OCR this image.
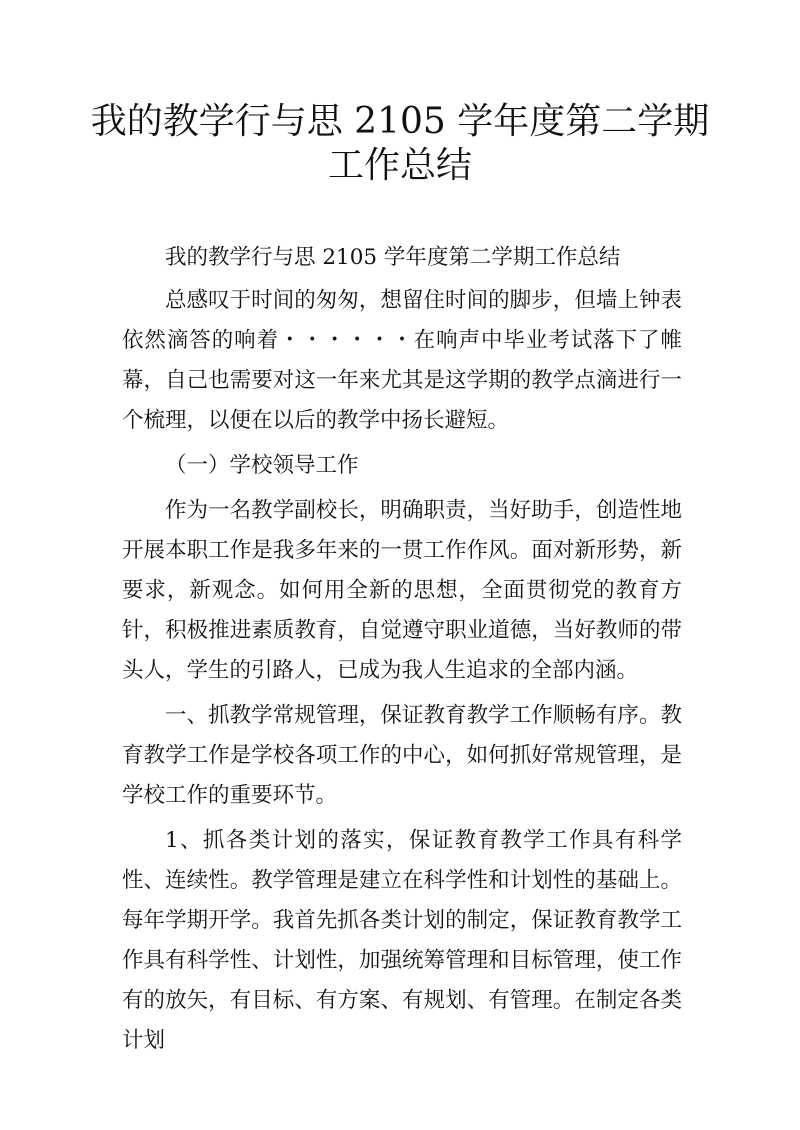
我的教学行与思 2105 学年度第二学期
工作总结

我的教学行与思 2105 学年度第二学期工作总结

总感叹于时间的匆匆，想留住时间的脚步，但墙上钟表依然滴答的响着・・・・・・在响声中毕业考试落下了帷幕，自己也需要对这一年来尤其是这学期的教学点滴进行一个梳理，以便在以后的教学中扬长避短。

（一）学校领导工作

作为一名教学副校长，明确职责，当好助手，创造性地开展本职工作是我多年来的一贯工作作风。面对新形势，新要求，新观念。如何用全新的思想，全面贯彻党的教育方针，积极推进素质教育，自觉遵守职业道德，当好教师的带头人，学生的引路人，已成为我人生追求的全部内涵。

一、抓教学常规管理，保证教育教学工作顺畅有序。教育教学工作是学校各项工作的中心，如何抓好常规管理，是学校工作的重要环节。

1、抓各类计划的落实，保证教育教学工作具有科学性、连续性。教学管理是建立在科学性和计划性的基础上。每年学期开学。我首先抓各类计划的制定，保证教育教学工作具有科学性、计划性，加强统筹管理和目标管理，使工作有的放矢，有目标、有方案、有规划、有管理。在制定各类计划
